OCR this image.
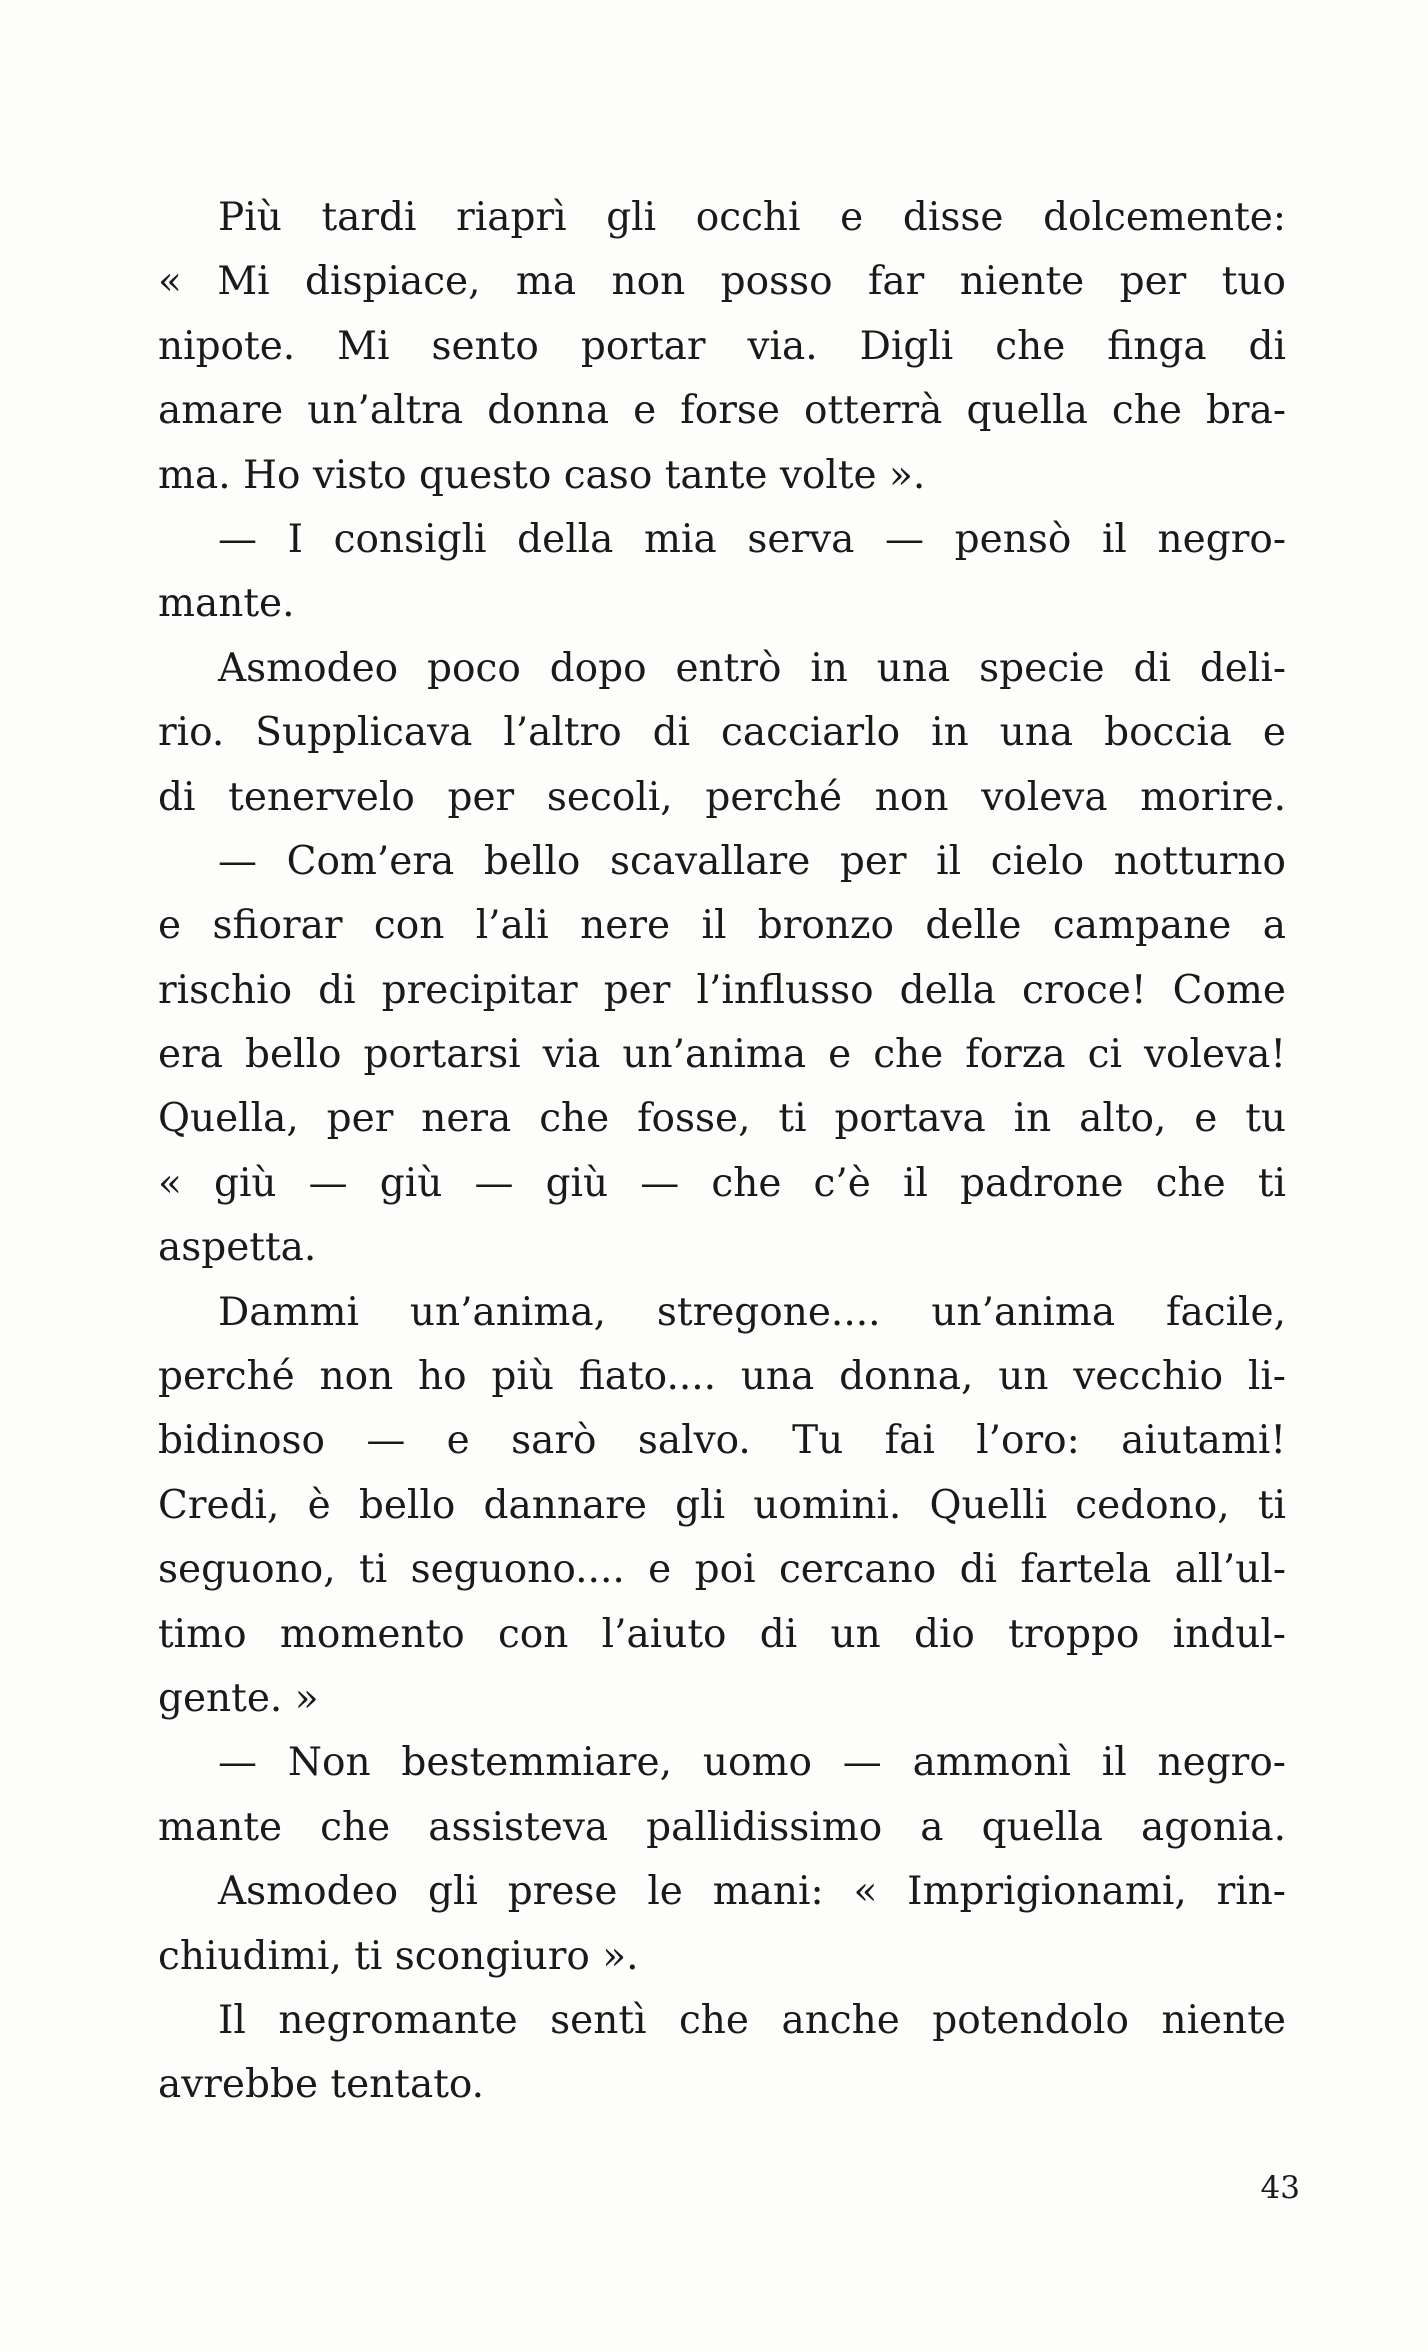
Più tardi riaprì gli occhi e disse dolcemente:
« Mi dispiace, ma non posso far niente per tuo
nipote. Mi sento portar via. Digli che finga di
amare un’altra donna e forse otterrà quella che bra-
ma. Ho visto questo caso tante volte ».
— I consigli della mia serva — pensò il negro-
mante.
Asmodeo poco dopo entrò in una specie di deli-
rio. Supplicava l’altro di cacciarlo in una boccia e
di tenervelo per secoli, perché non voleva morire.
— Com’era bello scavallare per il cielo notturno
e sfiorar con l’ali nere il bronzo delle campane a
rischio di precipitar per l’influsso della croce! Come
era bello portarsi via un’anima e che forza ci voleva!
Quella, per nera che fosse, ti portava in alto, e tu
« giù — giù — giù — che c’è il padrone che ti
aspetta.
Dammi un’anima, stregone.... un’anima facile,
perché non ho più fiato.... una donna, un vecchio li-
bidinoso — e sarò salvo. Tu fai l’oro: aiutami!
Credi, è bello dannare gli uomini. Quelli cedono, ti
seguono, ti seguono.... e poi cercano di fartela all’ul-
timo momento con l’aiuto di un dio troppo indul-
gente. »
— Non bestemmiare, uomo — ammonì il negro-
mante che assisteva pallidissimo a quella agonia.
Asmodeo gli prese le mani: « Imprigionami, rin-
chiudimi, ti scongiuro ».
Il negromante sentì che anche potendolo niente
avrebbe tentato.
43
